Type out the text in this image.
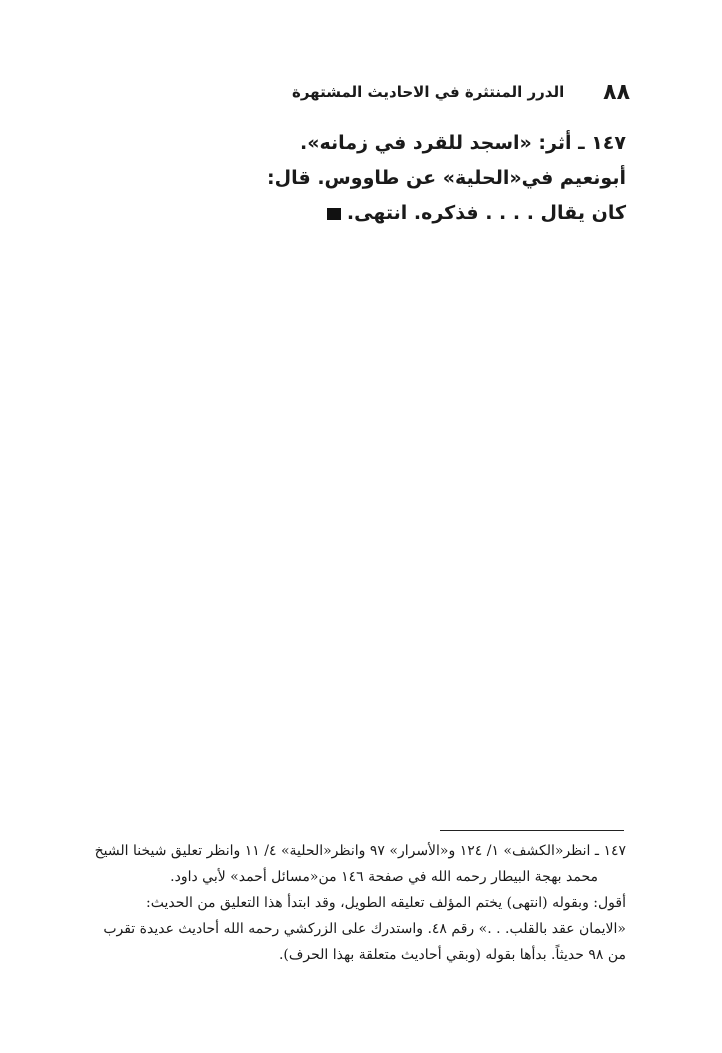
٨٨
الدرر المنتثرة في الاحاديث المشتهرة
١٤٧ ـ أثر: «اسجد للقرد في زمانه».
أبونعيم في«الحلية» عن طاووس. قال:
كان يقال . . . . فذكره. انتهى.
١٤٧ ـ انظر«الكشف» ١/ ١٢٤ و«الأسرار» ٩٧ وانظر«الحلية» ٤/ ١١ وانظر تعليق شيخنا الشيخ
محمد بهجة البيطار رحمه الله في صفحة ١٤٦ من«مسائل أحمد» لأبي داود.
أقول: وبقوله (انتهى) يختم المؤلف تعليقه الطويل، وقد ابتدأ هذا التعليق من الحديث:
«الايمان عقد بالقلب. . .» رقم ٤٨. واستدرك على الزركشي رحمه الله أحاديث عديدة تقرب
من ٩٨ حديثاً. بدأها بقوله (وبقي أحاديث متعلقة بهذا الحرف).
